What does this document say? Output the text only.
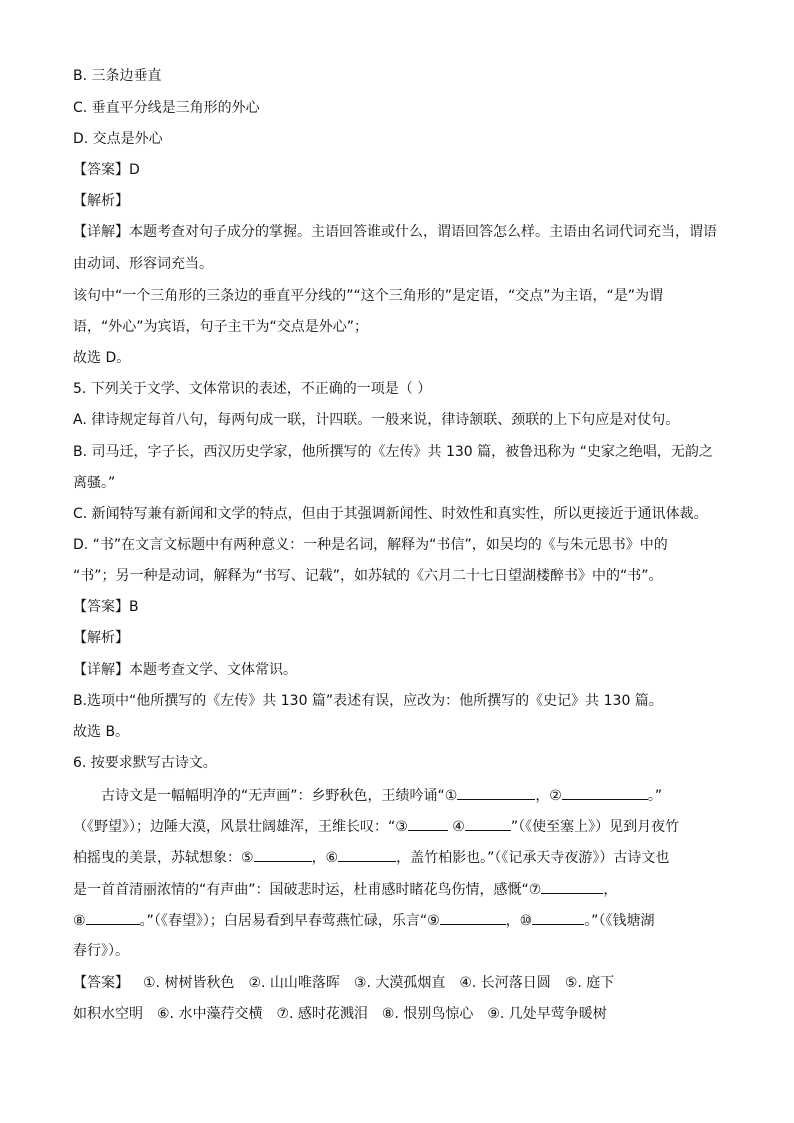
B. 三条边垂直
C. 垂直平分线是三角形的外心
D. 交点是外心
【答案】D
【解析】
【详解】本题考查对句子成分的掌握。主语回答谁或什么，谓语回答怎么样。主语由名词代词充当，谓语
由动词、形容词充当。
该句中“一个三角形的三条边的垂直平分线的”“这个三角形的”是定语，“交点”为主语，“是”为谓
语，“外心”为宾语，句子主干为“交点是外心”；
故选 D。
5. 下列关于文学、文体常识的表述，不正确的一项是（ ）
A. 律诗规定每首八句，每两句成一联，计四联。一般来说，律诗颔联、颈联的上下句应是对仗句。
B. 司马迁，字子长，西汉历史学家，他所撰写的《左传》共 130 篇，被鲁迅称为 “史家之绝唱，无韵之
离骚。”
C. 新闻特写兼有新闻和文学的特点，但由于其强调新闻性、时效性和真实性，所以更接近于通讯体裁。
D. “书”在文言文标题中有两种意义：一种是名词，解释为“书信”，如吴均的《与朱元思书》中的
“书”；另一种是动词，解释为“书写、记载”，如苏轼的《六月二十七日望湖楼醉书》中的“书”。
【答案】B
【解析】
【详解】本题考查文学、文体常识。
B.选项中“他所撰写的《左传》共 130 篇”表述有误，应改为：他所撰写的《史记》共 130 篇。
故选 B。
6. 按要求默写古诗文。
古诗文是一幅幅明净的“无声画”：乡野秋色，王绩吟诵“①	，②	。”
（《野望》）；边陲大漠，风景壮阔雄浑，王维长叹：“③	④	”（《使至塞上》）见到月夜竹
柏摇曳的美景，苏轼想象：⑤	，⑥	，盖竹柏影也。”（《记承天寺夜游》）古诗文也
是一首首清丽浓情的“有声曲”：国破悲时运，杜甫感时睹花鸟伤情，感慨“⑦	，
⑧	。”（《春望》）；白居易看到早春莺燕忙碌，乐言“⑨	，⑩	。”（《钱塘湖
春行》）。
【答案】 ①. 树树皆秋色 ②. 山山唯落晖 ③. 大漠孤烟直 ④. 长河落日圆 ⑤. 庭下
如积水空明 ⑥. 水中藻荇交横 ⑦. 感时花溅泪 ⑧. 恨别鸟惊心 ⑨. 几处早莺争暖树
